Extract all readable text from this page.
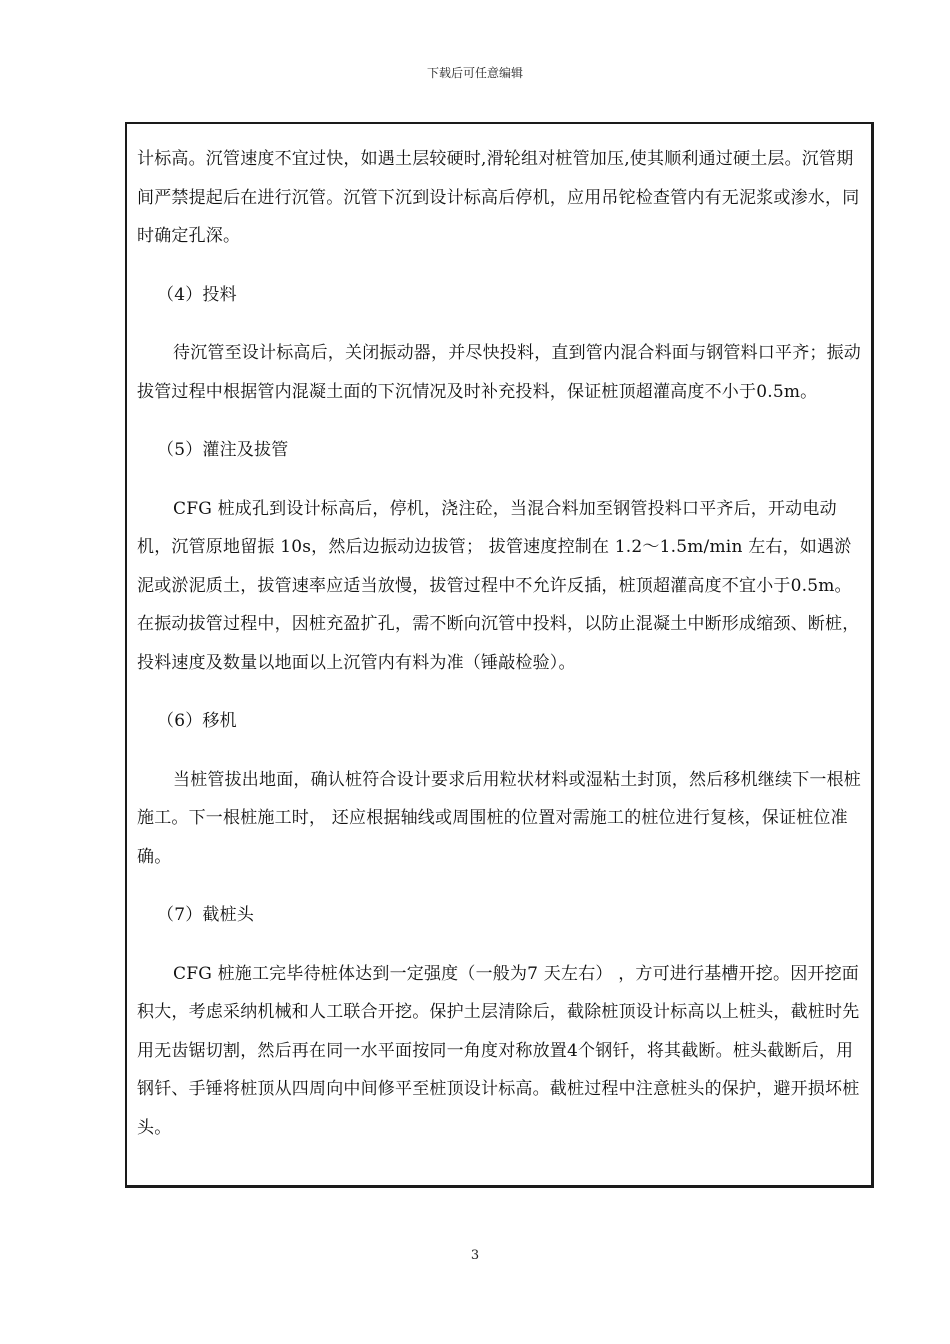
下载后可任意编辑

计标高。沉管速度不宜过快，如遇土层较硬时,滑轮组对桩管加压,使其顺利通过硬土层。沉管期间严禁提起后在进行沉管。沉管下沉到设计标高后停机，应用吊铊检查管内有无泥浆或渗水，同时确定孔深。

（4）投料

待沉管至设计标高后，关闭振动器，并尽快投料，直到管内混合料面与钢管料口平齐；振动拔管过程中根据管内混凝土面的下沉情况及时补充投料，保证桩顶超灌高度不小于0.5m。

（5）灌注及拔管

CFG 桩成孔到设计标高后，停机，浇注砼，当混合料加至钢管投料口平齐后，开动电动机，沉管原地留振 10s，然后边振动边拔管； 拔管速度控制在 1.2～1.5m/min 左右，如遇淤泥或淤泥质土，拔管速率应适当放慢，拔管过程中不允许反插，桩顶超灌高度不宜小于0.5m。在振动拔管过程中，因桩充盈扩孔，需不断向沉管中投料，以防止混凝土中断形成缩颈、断桩，投料速度及数量以地面以上沉管内有料为准（锤敲检验）。

（6）移机

当桩管拔出地面，确认桩符合设计要求后用粒状材料或湿粘土封顶，然后移机继续下一根桩施工。下一根桩施工时， 还应根据轴线或周围桩的位置对需施工的桩位进行复核，保证桩位准确。

（7）截桩头

CFG 桩施工完毕待桩体达到一定强度（一般为7 天左右） ，方可进行基槽开挖。因开挖面积大，考虑采纳机械和人工联合开挖。保护土层清除后，截除桩顶设计标高以上桩头，截桩时先用无齿锯切割，然后再在同一水平面按同一角度对称放置4个钢钎，将其截断。桩头截断后，用钢钎、手锤将桩顶从四周向中间修平至桩顶设计标高。截桩过程中注意桩头的保护，避开损坏桩头。

3
